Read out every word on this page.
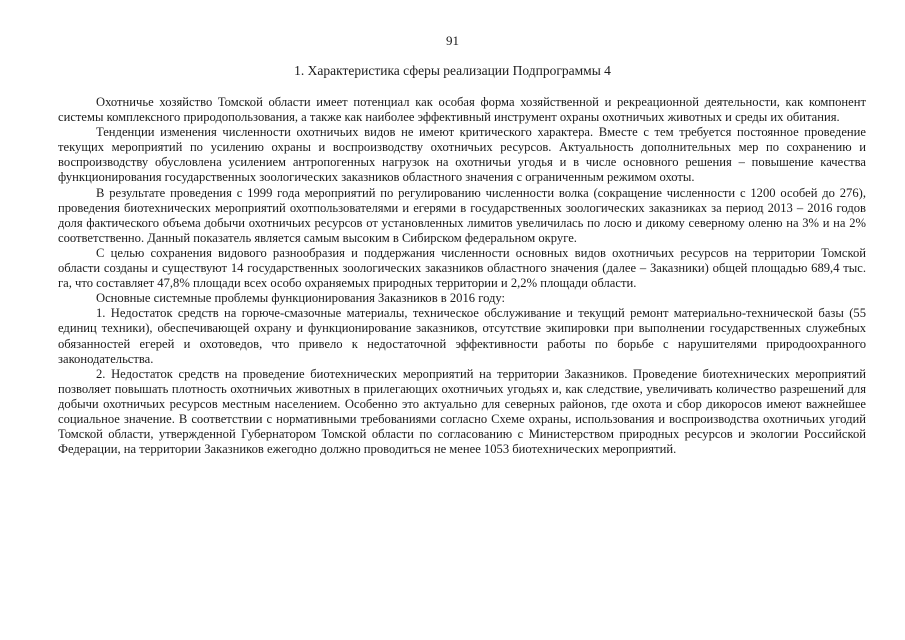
91
1. Характеристика сферы реализации Подпрограммы 4

Охотничье хозяйство Томской области имеет потенциал как особая форма хозяйственной и рекреационной деятельности, как компонент системы комплексного природопользования, а также как наиболее эффективный инструмент охраны охотничьих животных и среды их обитания.

Тенденции изменения численности охотничьих видов не имеют критического характера. Вместе с тем требуется постоянное проведение текущих мероприятий по усилению охраны и воспроизводству охотничьих ресурсов. Актуальность дополнительных мер по сохранению и воспроизводству обусловлена усилением антропогенных нагрузок на охотничьи угодья и в числе основного решения – повышение качества функционирования государственных зоологических заказников областного значения с ограниченным режимом охоты.

В результате проведения с 1999 года мероприятий по регулированию численности волка (сокращение численности с 1200 особей до 276), проведения биотехнических мероприятий охотпользователями и егерями в государственных зоологических заказниках за период 2013 – 2016 годов доля фактического объема добычи охотничьих ресурсов от установленных лимитов увеличилась по лосю и дикому северному оленю на 3% и на 2% соответственно. Данный показатель является самым высоким в Сибирском федеральном округе.

С целью сохранения видового разнообразия и поддержания численности основных видов охотничьих ресурсов на территории Томской области созданы и существуют 14 государственных зоологических заказников областного значения (далее – Заказники) общей площадью 689,4 тыс. га, что составляет 47,8% площади всех особо охраняемых природных территории и 2,2% площади области.

Основные системные проблемы функционирования Заказников в 2016 году:

1. Недостаток средств на горюче-смазочные материалы, техническое обслуживание и текущий ремонт материально-технической базы (55 единиц техники), обеспечивающей охрану и функционирование заказников, отсутствие экипировки при выполнении государственных служебных обязанностей егерей и охотоведов, что привело к недостаточной эффективности работы по борьбе с нарушителями природоохранного законодательства.

2. Недостаток средств на проведение биотехнических мероприятий на территории Заказников. Проведение биотехнических мероприятий позволяет повышать плотность охотничьих животных в прилегающих охотничьих угодьях и, как следствие, увеличивать количество разрешений для добычи охотничьих ресурсов местным населением. Особенно это актуально для северных районов, где охота и сбор дикоросов имеют важнейшее социальное значение. В соответствии с нормативными требованиями согласно Схеме охраны, использования и воспроизводства охотничьих угодий Томской области, утвержденной Губернатором Томской области по согласованию с Министерством природных ресурсов и экологии Российской Федерации, на территории Заказников ежегодно должно проводиться не менее 1053 биотехнических мероприятий.
